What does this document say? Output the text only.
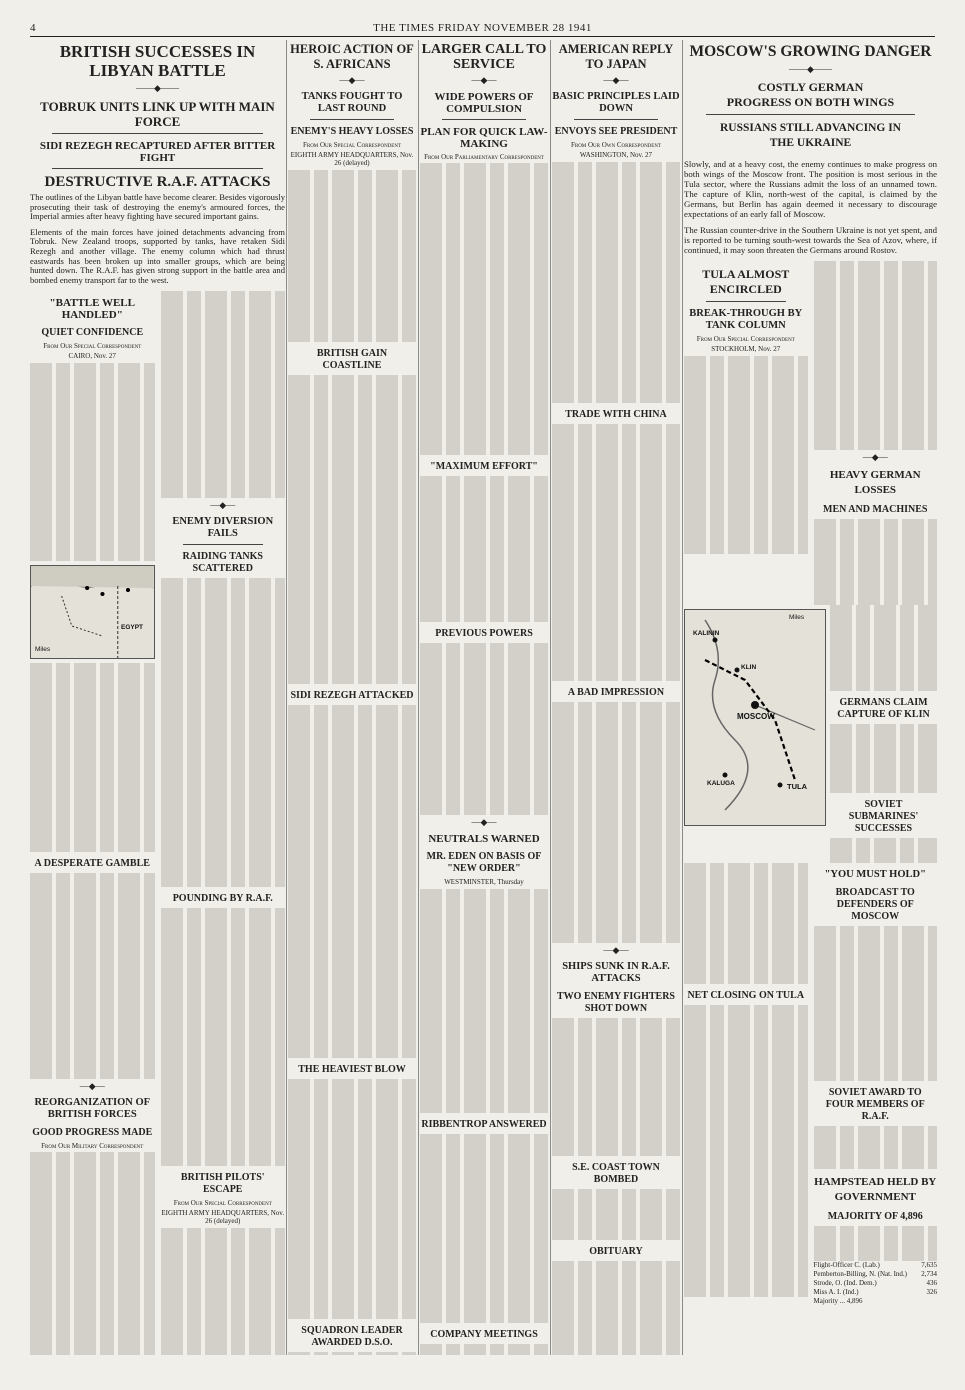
4	THE TIMES FRIDAY NOVEMBER 28 1941
BRITISH SUCCESSES IN LIBYAN BATTLE
——◆——
TOBRUK UNITS LINK UP WITH MAIN FORCE
SIDI REZEGH RECAPTURED AFTER BITTER FIGHT
DESTRUCTIVE R.A.F. ATTACKS

The outlines of the Libyan battle have become clearer. Besides vigorously prosecuting their task of destroying the enemy's armoured forces, the Imperial armies after heavy fighting have secured important gains.

Elements of the main forces have joined detachments advancing from Tobruk. New Zealand troops, supported by tanks, have retaken Sidi Rezegh and another village. The enemy column which had thrust eastwards has been broken up into smaller groups, which are being hunted down. The R.A.F. has given strong support in the battle area and bombed enemy transport far to the west.

"BATTLE WELL HANDLED"
QUIET CONFIDENCE
From Our Special Correspondent
CAIRO, Nov. 27
EGYPT
Miles
A DESPERATE GAMBLE
—◆—
REORGANIZATION OF BRITISH FORCES
GOOD PROGRESS MADE
From Our Military Correspondent
—◆—
ENEMY DIVERSION FAILS
RAIDING TANKS SCATTERED
POUNDING BY R.A.F.
BRITISH PILOTS' ESCAPE
From Our Special Correspondent
EIGHTH ARMY HEADQUARTERS, Nov. 26 (delayed)
HEROIC ACTION OF S. AFRICANS
—◆—
TANKS FOUGHT TO LAST ROUND
ENEMY'S HEAVY LOSSES
From Our Special Correspondent
EIGHTH ARMY HEADQUARTERS, Nov. 26 (delayed)
BRITISH GAIN COASTLINE
SIDI REZEGH ATTACKED
THE HEAVIEST BLOW
SQUADRON LEADER AWARDED D.S.O.
LARGER CALL TO SERVICE
—◆—
WIDE POWERS OF COMPULSION
PLAN FOR QUICK LAW-MAKING
From Our Parliamentary Correspondent
"MAXIMUM EFFORT"
PREVIOUS POWERS
—◆—
NEUTRALS WARNED
MR. EDEN ON BASIS OF "NEW ORDER"
WESTMINSTER, Thursday
RIBBENTROP ANSWERED
COMPANY MEETINGS
AMERICAN REPLY TO JAPAN
—◆—
BASIC PRINCIPLES LAID DOWN
ENVOYS SEE PRESIDENT
From Our Own Correspondent
WASHINGTON, Nov. 27
TRADE WITH CHINA
A BAD IMPRESSION
—◆—
SHIPS SUNK IN R.A.F. ATTACKS
TWO ENEMY FIGHTERS SHOT DOWN
S.E. COAST TOWN BOMBED
OBITUARY
MOSCOW'S GROWING DANGER
——◆——
COSTLY GERMAN PROGRESS ON BOTH WINGS
RUSSIANS STILL ADVANCING IN THE UKRAINE

Slowly, and at a heavy cost, the enemy continues to make progress on both wings of the Moscow front. The position is most serious in the Tula sector, where the Russians admit the loss of an unnamed town. The capture of Klin, north-west of the capital, is claimed by the Germans, but Berlin has again deemed it necessary to discourage expectations of an early fall of Moscow.

The Russian counter-drive in the Southern Ukraine is not yet spent, and is reported to be turning south-west towards the Sea of Azov, where, if continued, it may soon threaten the Germans around Rostov.

TULA ALMOST ENCIRCLED
BREAK-THROUGH BY TANK COLUMN
From Our Special Correspondent
STOCKHOLM, Nov. 27
—◆—
HEAVY GERMAN LOSSES
MEN AND MACHINES
KALININ
KLIN
MOSCOW
TULA
KALUGA
Miles
GERMANS CLAIM CAPTURE OF KLIN
SOVIET SUBMARINES' SUCCESSES
NET CLOSING ON TULA
"YOU MUST HOLD"
BROADCAST TO DEFENDERS OF MOSCOW
SOVIET AWARD TO FOUR MEMBERS OF R.A.F.
HAMPSTEAD HELD BY GOVERNMENT
MAJORITY OF 4,896
Flight-Officer C. (Lab.)	7,635
Pemberton-Billing, N. (Nat. Ind.) 2,734
Strode, O. (Ind. Dem.)	436
Miss A. I. (Ind.)	326
Majority ... 4,896
